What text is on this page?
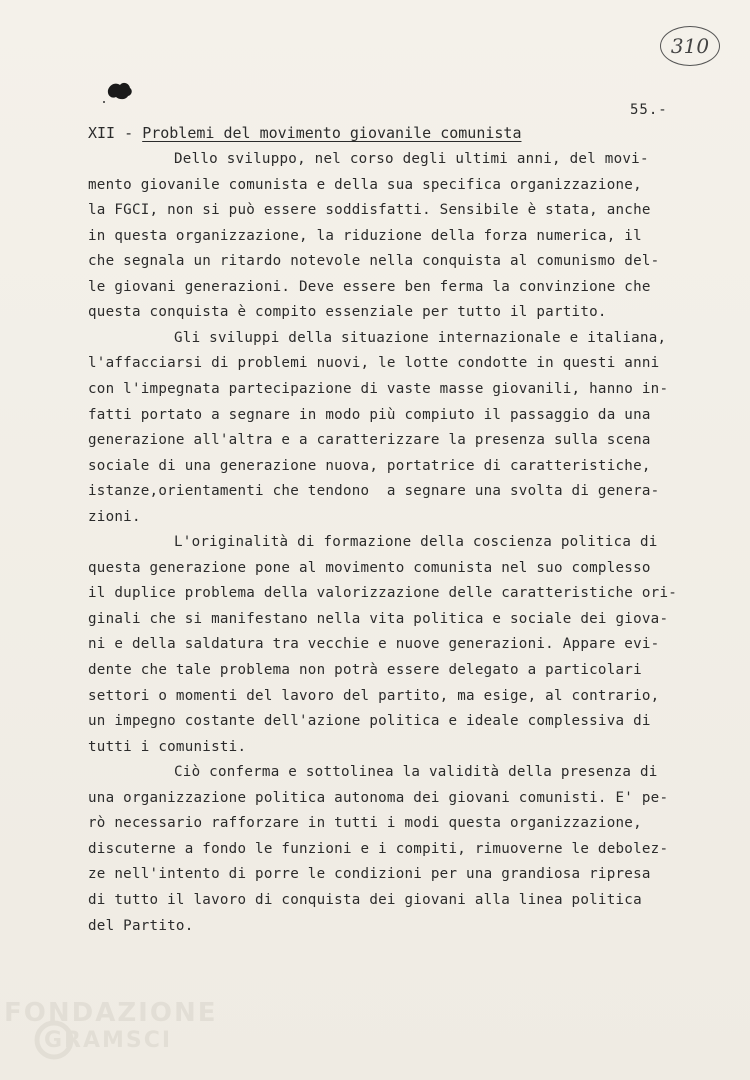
310
55.-
XII - Problemi del movimento giovanile comunista
Dello sviluppo, nel corso degli ultimi anni, del movi-
mento giovanile comunista e della sua specifica organizzazione,
la FGCI, non si può essere soddisfatti. Sensibile è stata, anche
in questa organizzazione, la riduzione della forza numerica, il
che segnala un ritardo notevole nella conquista al comunismo del-
le giovani generazioni. Deve essere ben ferma la convinzione che
questa conquista è compito essenziale per tutto il partito.
Gli sviluppi della situazione internazionale e italiana,
l'affacciarsi di problemi nuovi, le lotte condotte in questi anni
con l'impegnata partecipazione di vaste masse giovanili, hanno in-
fatti portato a segnare in modo più compiuto il passaggio da una
generazione all'altra e a caratterizzare la presenza sulla scena
sociale di una generazione nuova, portatrice di caratteristiche,
istanze,orientamenti che tendono  a segnare una svolta di genera-
zioni.
L'originalità di formazione della coscienza politica di
questa generazione pone al movimento comunista nel suo complesso
il duplice problema della valorizzazione delle caratteristiche ori-
ginali che si manifestano nella vita politica e sociale dei giova-
ni e della saldatura tra vecchie e nuove generazioni. Appare evi-
dente che tale problema non potrà essere delegato a particolari
settori o momenti del lavoro del partito, ma esige, al contrario,
un impegno costante dell'azione politica e ideale complessiva di
tutti i comunisti.
Ciò conferma e sottolinea la validità della presenza di
una organizzazione politica autonoma dei giovani comunisti. E' pe-
rò necessario rafforzare in tutti i modi questa organizzazione,
discuterne a fondo le funzioni e i compiti, rimuoverne le debolez-
ze nell'intento di porre le condizioni per una grandiosa ripresa
di tutto il lavoro di conquista dei giovani alla linea politica
del Partito.
FONDAZIONE
GRAMSCI
